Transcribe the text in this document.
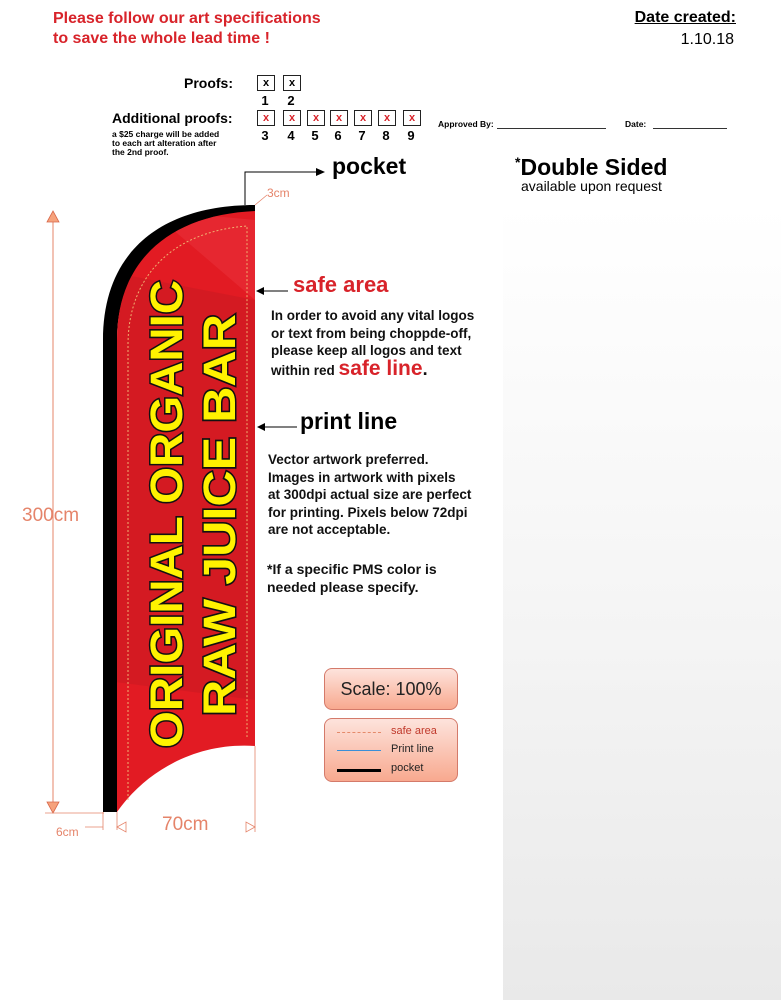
Please follow our art specifications
to save the whole lead time !
Date created:
1.10.18
Proofs:	x	x
1	2
Additional proofs:
a $25 charge will be added
to each art alteration after
the 2nd proof.
x	x	x	x	x	x	x
3	4	5	6	7	8	9
Approved By:	Date:
ORIGINAL ORGANIC RAW JUICE BAR
300cm
70cm
6cm
3cm
pocket	*Double Sided
available upon request
safe area
In order to avoid any vital logos
or text from being choppde-off,
please keep all logos and text
within red safe line.
print line
Vector artwork preferred.
Images in artwork with pixels
at 300dpi actual size are perfect
for printing. Pixels below 72dpi
are not acceptable.
*If a specific PMS color is
needed please specify.
Scale: 100%
safe area
Print line
pocket
